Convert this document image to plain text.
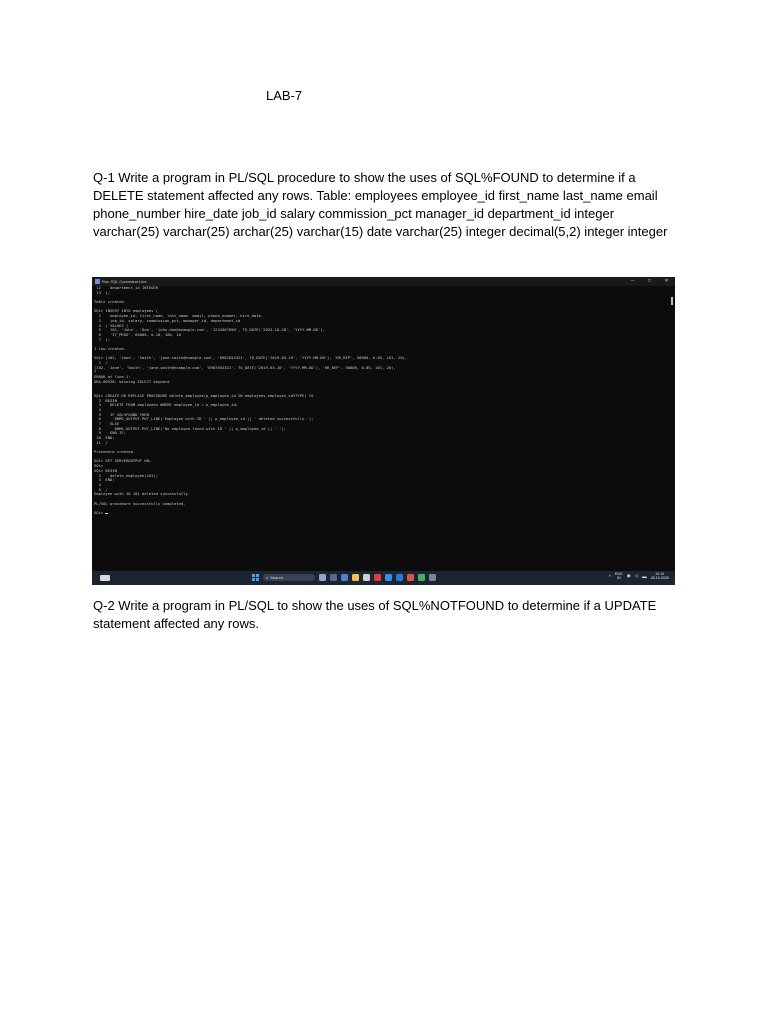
LAB-7
Q-1 Write a program in PL/SQL procedure to show the uses of SQL%FOUND to determine if a DELETE statement affected any rows. Table: employees employee_id first_name last_name email phone_number hire_date job_id salary commission_pct manager_id department_id integer varchar(25) varchar(25) archar(25) varchar(15) date varchar(25) integer decimal(5,2) integer integer
Run SQL Command Line	─	□	✕
12    department_id INTEGER
13  );
Table created.
SQL> INSERT INTO employees (
2    employee_id, first_name, last_name, email, phone_number, hire_date,
3    job_id, salary, commission_pct, manager_id, department_id
4  ) VALUES (
5    101, 'John', 'Doe', 'john.doe@example.com', '1234567890', TO_DATE('2025-10-28', 'YYYY-MM-DD'),
6    'IT_PROG', 60000, 0.10, 100, 10
7  );
1 row created.
SQL> (102, 'Jane', 'Smith', 'jane.smith@example.com', '0987654321', TO_DATE('2019-03-10', 'YYYY-MM-DD'), 'HR_REP', 50000, 0.05, 101, 20),
2  /
(102, 'Jane', 'Smith', 'jane.smith@example.com', '0987654321', TO_DATE('2019-03-10', 'YYYY-MM-DD'), 'HR_REP', 50000, 0.05, 101, 20),
*
ERROR at line 1:
ORA-00928: missing SELECT keyword
SQL> CREATE OR REPLACE PROCEDURE delete_employee(p_employee_id IN employees.employee_id%TYPE) IS
2  BEGIN
3    DELETE FROM employees WHERE employee_id = p_employee_id;
4
5    IF SQL%FOUND THEN
6      DBMS_OUTPUT.PUT_LINE('Employee with ID ' || p_employee_id || ' deleted successfully.');
7    ELSE
8      DBMS_OUTPUT.PUT_LINE('No employee found with ID ' || p_employee_id || '.');
9    END IF;
10  END;
11  /
Procedure created.
SQL> SET SERVEROUTPUT ON;
SQL>
SQL> BEGIN
2    delete_employee(101);
3  END;
4
5  /
Employee with ID 101 deleted successfully.
PL/SQL procedure successfully completed.
SQL>
⌕ Search	^ ENG
IN	◉ ◁ ▬	10:10
28-10-2025
Q-2 Write a program in PL/SQL to show the uses of SQL%NOTFOUND to determine if a UPDATE statement affected any rows.
